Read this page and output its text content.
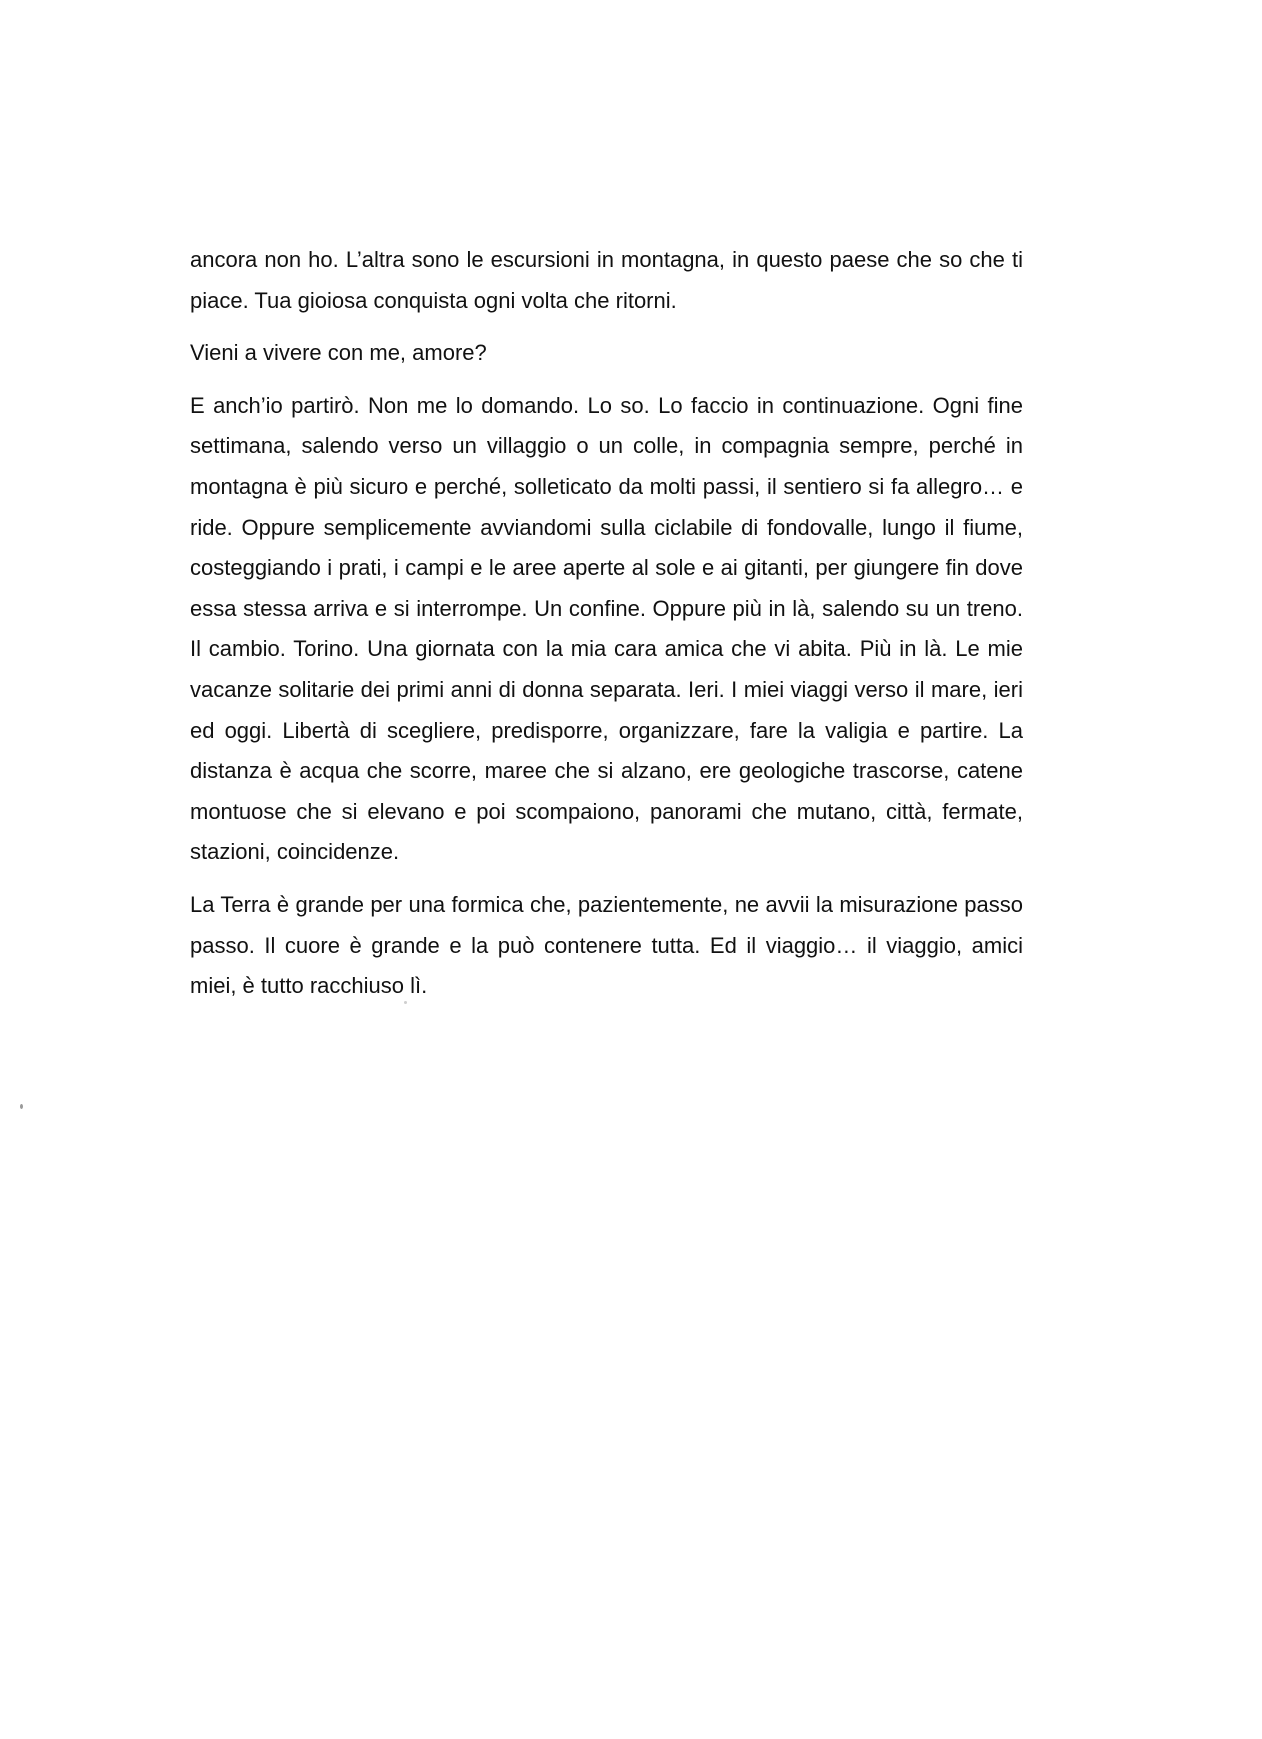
ancora non ho. L’altra sono le escursioni in montagna, in questo paese che so che ti piace. Tua gioiosa conquista ogni volta che ritorni.

Vieni a vivere con me, amore?

E anch’io partirò. Non me lo domando. Lo so. Lo faccio in continuazione. Ogni fine settimana, salendo verso un villaggio o un colle, in compagnia sempre, perché in montagna è più sicuro e perché, solleticato da molti passi, il sentiero si fa allegro… e ride. Oppure semplicemente avviandomi sulla ciclabile di fondovalle, lungo il fiume, costeggiando i prati, i campi e le aree aperte al sole e ai gitanti, per giungere fin dove essa stessa arriva e si interrompe. Un confine. Oppure più in là, salendo su un treno. Il cambio. Torino. Una giornata con la mia cara amica che vi abita. Più in là. Le mie vacanze solitarie dei primi anni di donna separata. Ieri. I miei viaggi verso il mare, ieri ed oggi. Libertà di scegliere, predisporre, organizzare, fare la valigia e partire. La distanza è acqua che scorre, maree che si alzano, ere geologiche trascorse, catene montuose che si elevano e poi scompaiono, panorami che mutano, città, fermate, stazioni, coincidenze.

La Terra è grande per una formica che, pazientemente, ne avvii la misurazione passo passo. Il cuore è grande e la può contenere tutta. Ed il viaggio… il viaggio, amici miei, è tutto racchiuso lì.
